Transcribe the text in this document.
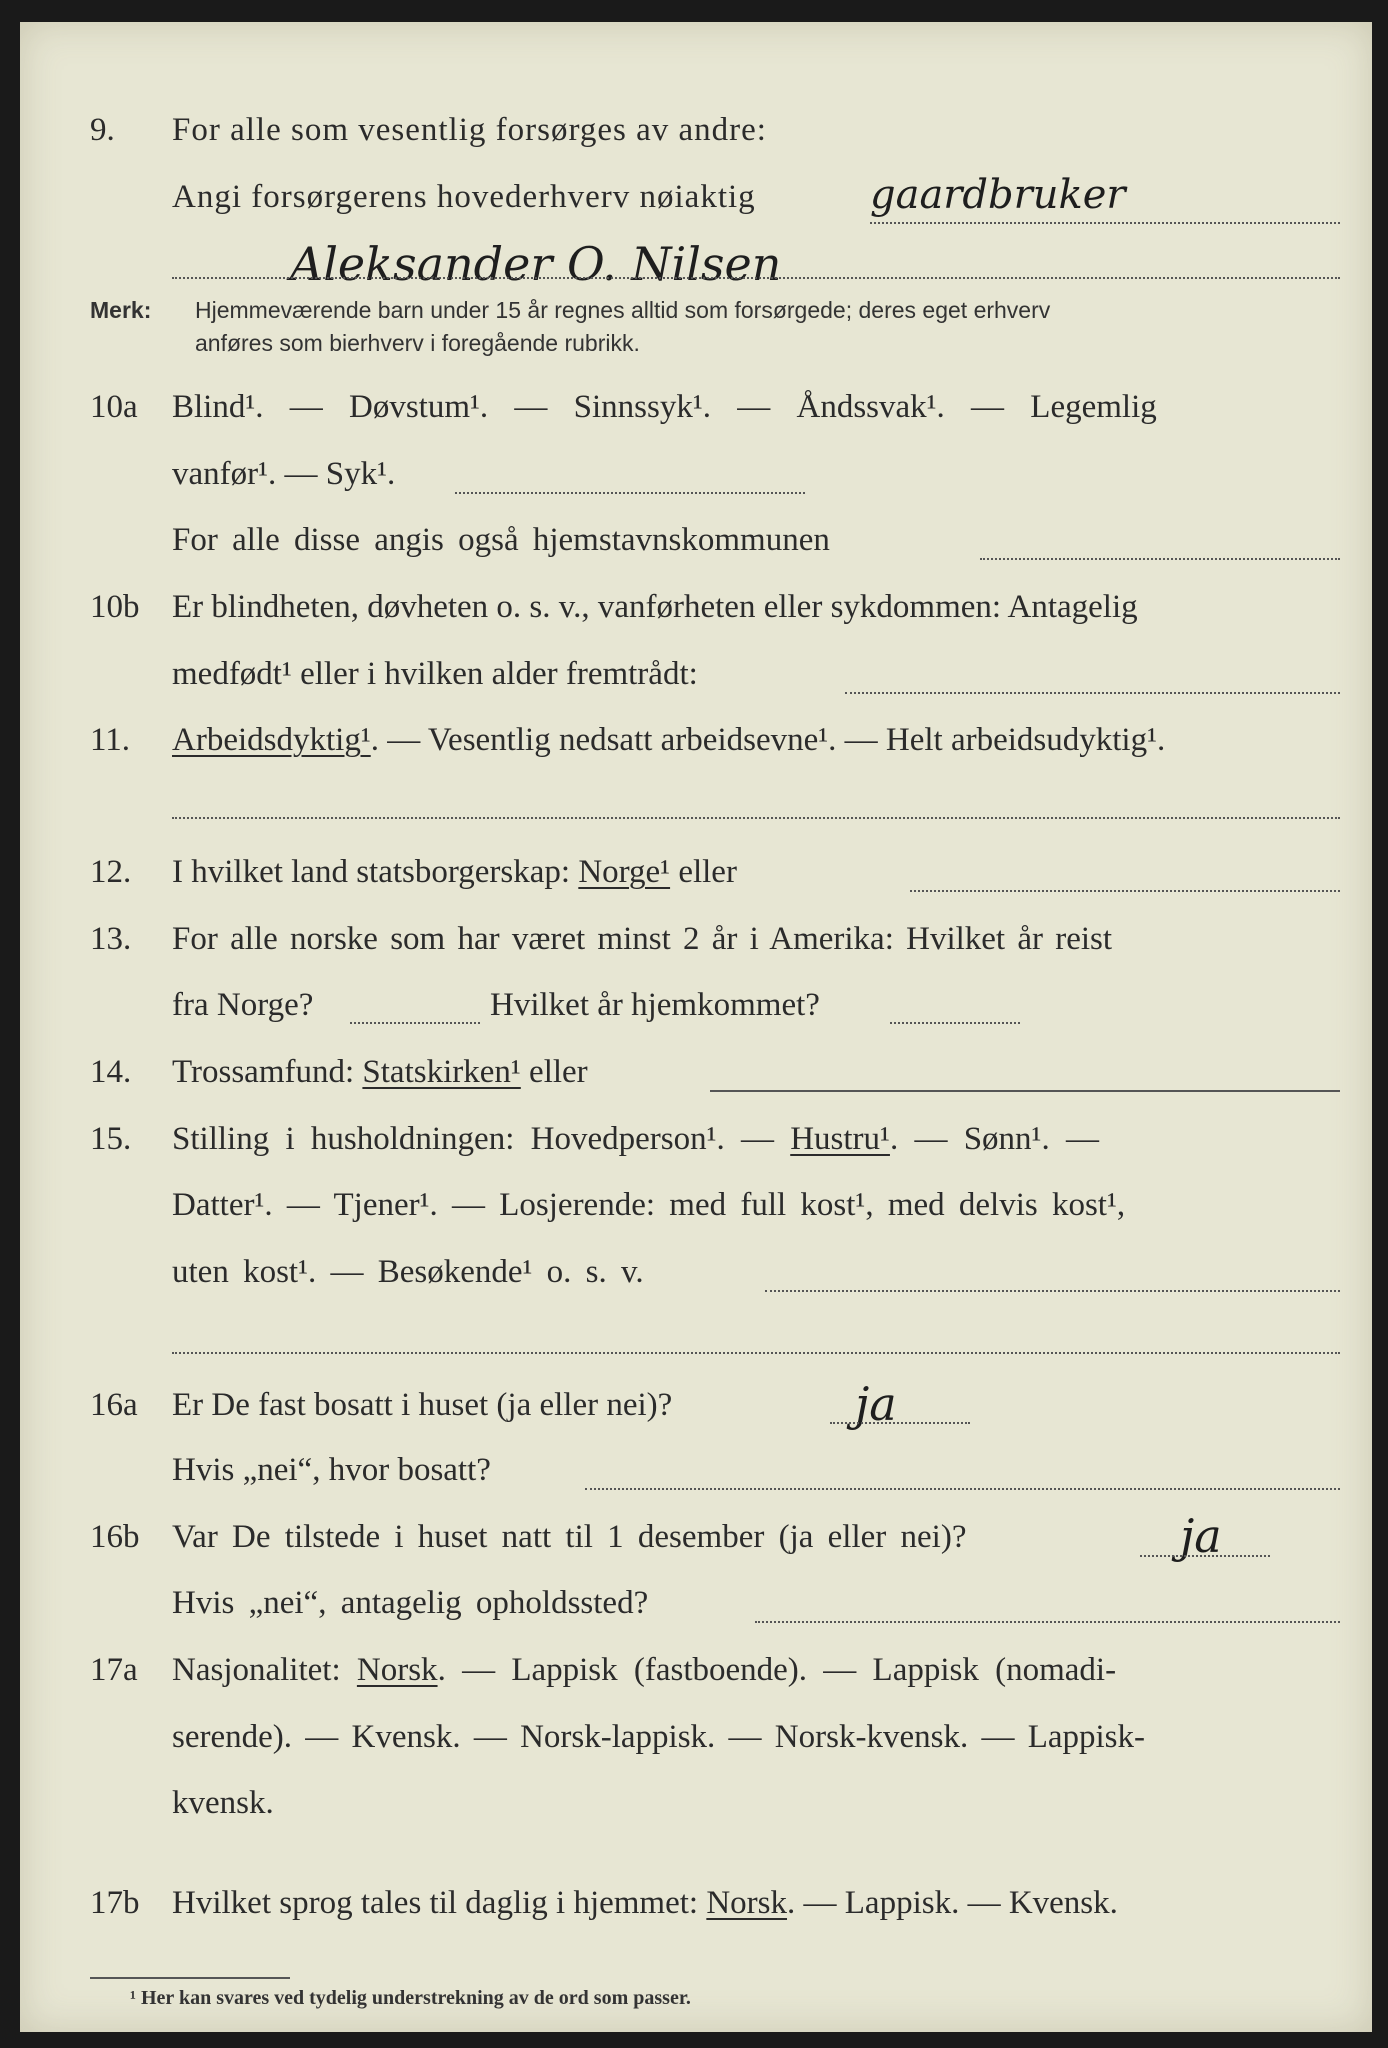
9. For alle som vesentlig forsørges av andre:
Angi forsørgerens hovederhverv nøiaktig	gaardbruker
Aleksander O. Nilsen
Merk: Hjemmeværende barn under 15 år regnes alltid som forsørgede; deres eget erhverv
anføres som bierhverv i foregående rubrikk.
10a Blind¹. — Døvstum¹. — Sinnssyk¹. — Åndssvak¹. — Legemlig
vanfør¹. — Syk¹.
For alle disse angis også hjemstavnskommunen
10b Er blindheten, døvheten o. s. v., vanførheten eller sykdommen: Antagelig
medfødt¹ eller i hvilken alder fremtrådt:
11. Arbeidsdyktig¹. — Vesentlig nedsatt arbeidsevne¹. — Helt arbeidsudyktig¹.
12. I hvilket land statsborgerskap: Norge¹ eller
13. For alle norske som har været minst 2 år i Amerika: Hvilket år reist
fra Norge?	Hvilket år hjemkommet?
14. Trossamfund: Statskirken¹ eller
15. Stilling i husholdningen: Hovedperson¹. — Hustru¹. — Sønn¹. —
Datter¹. — Tjener¹. — Losjerende: med full kost¹, med delvis kost¹,
uten kost¹. — Besøkende¹ o. s. v.
16a Er De fast bosatt i huset (ja eller nei)?	ja
Hvis „nei“, hvor bosatt?
16b Var De tilstede i huset natt til 1 desember (ja eller nei)?	ja
Hvis „nei“, antagelig opholdssted?
17a Nasjonalitet: Norsk. — Lappisk (fastboende). — Lappisk (nomadi-
serende). — Kvensk. — Norsk-lappisk. — Norsk-kvensk. — Lappisk-
kvensk.
17b Hvilket sprog tales til daglig i hjemmet: Norsk. — Lappisk. — Kvensk.
¹ Her kan svares ved tydelig understrekning av de ord som passer.
